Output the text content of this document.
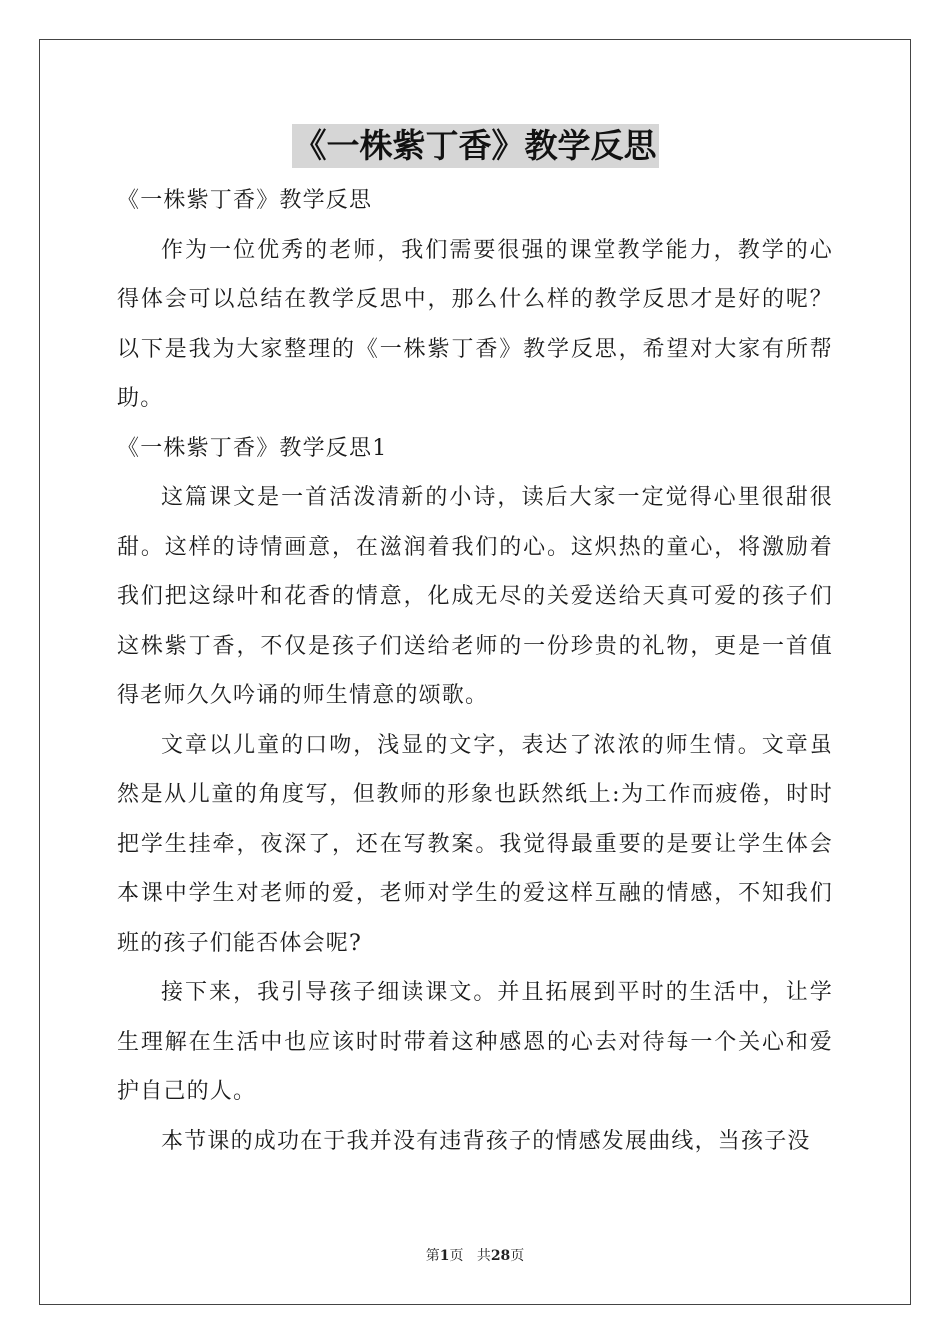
《一株紫丁香》教学反思

《一株紫丁香》教学反思

作为一位优秀的老师，我们需要很强的课堂教学能力，教学的心得体会可以总结在教学反思中，那么什么样的教学反思才是好的呢？以下是我为大家整理的《一株紫丁香》教学反思，希望对大家有所帮助。

《一株紫丁香》教学反思1

这篇课文是一首活泼清新的小诗，读后大家一定觉得心里很甜很甜。这样的诗情画意，在滋润着我们的心。这炽热的童心，将激励着我们把这绿叶和花香的情意，化成无尽的关爱送给天真可爱的孩子们这株紫丁香，不仅是孩子们送给老师的一份珍贵的礼物，更是一首值得老师久久吟诵的师生情意的颂歌。

文章以儿童的口吻，浅显的文字，表达了浓浓的师生情。文章虽然是从儿童的角度写，但教师的形象也跃然纸上:为工作而疲倦，时时把学生挂牵，夜深了，还在写教案。我觉得最重要的是要让学生体会本课中学生对老师的爱，老师对学生的爱这样互融的情感，不知我们班的孩子们能否体会呢?

接下来，我引导孩子细读课文。并且拓展到平时的生活中，让学生理解在生活中也应该时时带着这种感恩的心去对待每一个关心和爱护自己的人。

本节课的成功在于我并没有违背孩子的情感发展曲线，当孩子没

第1页 共28页
